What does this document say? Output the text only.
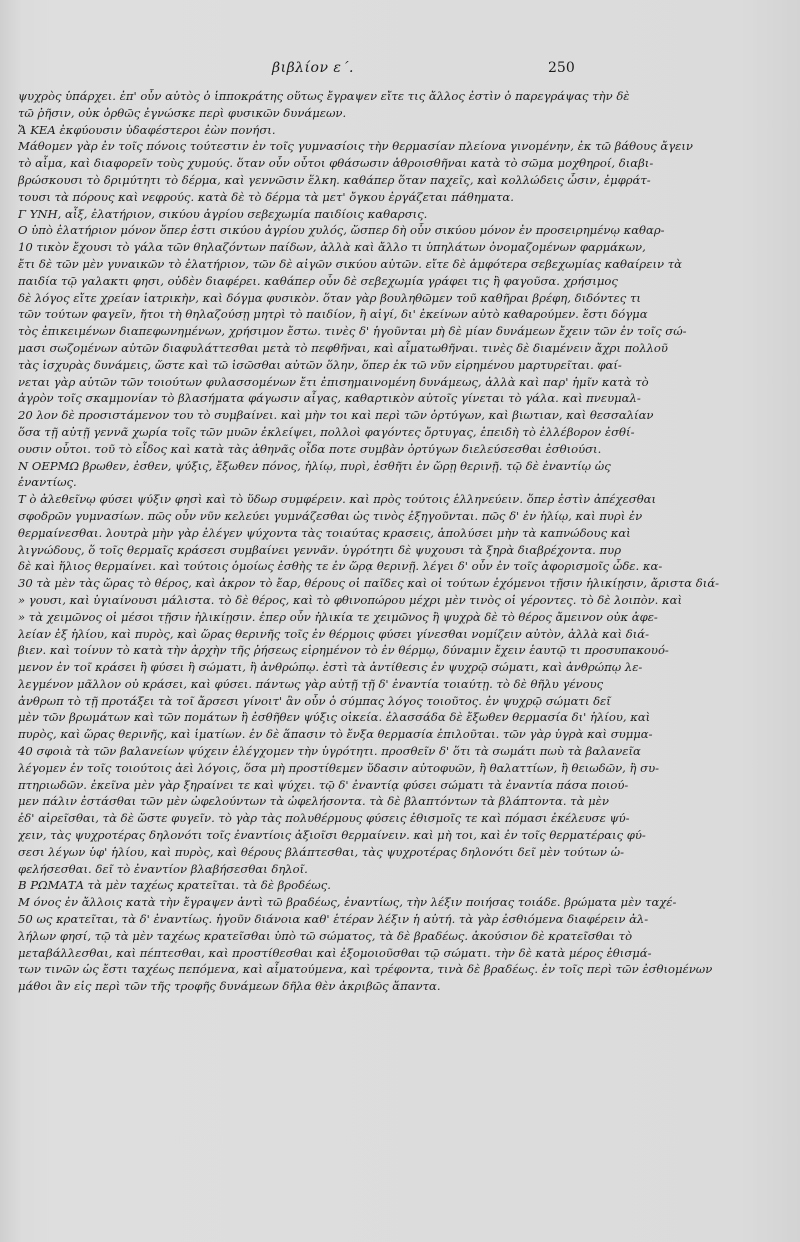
βιβλίον ε΄.	250
ψυχρὸς ὑπάρχει. ἐπ' οὖν αὐτὸς ὁ ἱπποκράτης οὕτως ἔγραψεν εἴτε τις ἄλλος ἐστὶν ὁ παρεγράψας τὴν δὲ
τῶ ῥῆσιν, οὐκ ὀρθῶς ἐγνώσκε περὶ φυσικῶν δυνάμεων.
Ἄ ΚΕΑ ἐκφύουσιν ὑδαφέστεροι ἐὼν πονήσι.
Μάθομεν γὰρ ἐν τοῖς πόνοις τούτεστιν ἐν τοῖς γυμνασίοις τὴν θερμασίαν πλείονα γινομένην, ἐκ τῶ βάθους ἄγειν
τὸ αἷμα, καὶ διαφορεῖν τοὺς χυμούς. ὅταν οὖν οὗτοι φθάσωσιν ἀθροισθῆναι κατὰ τὸ σῶμα μοχθηροί, διαβι-
βρώσκουσι τὸ δριμύτητι τὸ δέρμα, καὶ γεννῶσιν ἕλκη. καθάπερ ὅταν παχεῖς, καὶ κολλώδεις ὦσιν, ἐμφράτ-
τουσι τὰ πόρους καὶ νεφρούς. κατὰ δὲ τὸ δέρμα τὰ μετ' ὄγκου ἐργάζεται πάθηματα.
Γ ΥΝΗ, αἶξ, ἐλατήριον, σικύου ἀγρίου σεβεχωμία παιδίοις καθαρσις.
Ο ὑπὸ ἐλατήριον μόνον ὅπερ ἐστι σικύου ἀγρίου χυλός, ὥσπερ δὴ οὖν σικύου μόνον ἐν προσειρημένῳ καθαρ-
10 τικὸν ἔχουσι τὸ γάλα τῶν θηλαζόντων παίδων, ἀλλὰ καὶ ἄλλο τι ὑπηλάτων ὀνομαζομένων φαρμάκων,
ἔτι δὲ τῶν μὲν γυναικῶν τὸ ἐλατήριον, τῶν δὲ αἰγῶν σικύου αὐτῶν. εἴτε δὲ ἀμφότερα σεβεχωμίας καθαίρειν τὰ
παιδία τῷ γαλακτι φησι, οὐδὲν διαφέρει. καθάπερ οὖν δὲ σεβεχωμία γράφει τις ἢ φαγοῦσα. χρήσιμος
δὲ λόγος εἴτε χρείαν ἰατρικὴν, καὶ δόγμα φυσικὸν. ὅταν γὰρ βουληθῶμεν τοῦ καθῆραι βρέφη, διδόντες τι
τῶν τούτων φαγεῖν, ἤτοι τὴ θηλαζούσῃ μητρὶ τὸ παιδίον, ἢ αἰγί, δι' ἐκείνων αὐτὸ καθαρούμεν. ἔστι δόγμα
τὸς ἐπικειμένων διαπεφωνημένων, χρήσιμον ἔστω. τινὲς δ' ἡγοῦνται μὴ δὲ μίαν δυνάμεων ἔχειν τῶν ἐν τοῖς σώ-
μασι σωζομένων αὐτῶν διαφυλάττεσθαι μετὰ τὸ πεφθῆναι, καὶ αἷματωθῆναι. τινὲς δὲ διαμένειν ἄχρι πολλοῦ
τὰς ἰσχυρὰς δυνάμεις, ὥστε καὶ τῶ ἰσῶσθαι αὐτῶν ὅλην, ὅπερ ἐκ τῶ νῦν εἰρημένου μαρτυρεῖται. φαί-
νεται γὰρ αὐτῶν τῶν τοιούτων φυλασσομένων ἔτι ἐπισημαινομένη δυνάμεως, ἀλλὰ καὶ παρ' ἡμῖν κατὰ τὸ
ἀγρὸν τοῖς σκαμμονίαν τὸ βλασήματα φάγωσιν αἶγας, καθαρτικὸν αὐτοῖς γίνεται τὸ γάλα. καὶ πνευμαλ-
20 λον δὲ προσιστάμενον του τὸ συμβαίνει. καὶ μὴν τοι καὶ περὶ τῶν ὀρτύγων, καὶ βιωτιαν, καὶ θεσσαλίαν
ὅσα τῇ αὐτῇ γεννᾶ χωρία τοῖς τῶν μυῶν ἐκλείψει, πολλοὶ φαγόντες ὄρτυγας, ἐπειδὴ τὸ ἐλλέβορον ἐσθί-
ουσιν οὗτοι. τοῦ τὸ εἶδος καὶ κατὰ τὰς ἀθηνᾶς οἶδα ποτε συμβὰν ὀρτύγων διελεύσεσθαι ἐσθιούσι.
Ν ΟΕΡΜΩ βρωθεν, ἐσθεν, ψύξις, ἔξωθεν πόνος, ἡλίῳ, πυρὶ, ἐσθῆτι ἐν ὥρῃ θερινῇ. τῷ δὲ ἐναντίῳ ὡς
ἐναντίως.
Τ ὸ ἀλεθεῖνῳ φύσει ψύξιν φησὶ καὶ τὸ ὕδωρ συμφέρειν. καὶ πρὸς τούτοις ἑλληνεύειν. ὅπερ ἐστὶν ἀπέχεσθαι
σφοδρῶν γυμνασίων. πῶς οὖν νῦν κελεύει γυμνάζεσθαι ὡς τινὸς ἐξηγοῦνται. πῶς δ' ἐν ἡλίῳ, καὶ πυρὶ ἐν
θερμαίνεσθαι. λουτρὰ μὴν γὰρ ἐλέγεν ψύχοντα τὰς τοιαύτας κρασεις, ἀπολύσει μὴν τὰ καπνώδους καὶ
λιγνώδους, ὅ τοῖς θερμαῖς κράσεσι συμβαίνει γεννᾶν. ὑγρότητι δὲ ψυχουσι τὰ ξηρὰ διαβρέχοντα. πυρ
δὲ καὶ ἥλιος θερμαίνει. καὶ τούτοις ὁμοίως ἐσθὴς τε ἐν ὥρᾳ θερινῇ. λέγει δ' οὖν ἐν τοῖς ἀφορισμοῖς ὧδε. κα-
30 τὰ μὲν τὰς ὥρας τὸ θέρος, καὶ ἀκρον τὸ ἔαρ, θέρους οἱ παῖδες καὶ οἱ τούτων ἐχόμενοι τῇσιν ἡλικίῃσιν, ἄριστα διά-
» γουσι, καὶ ὑγιαίνουσι μάλιστα. τὸ δὲ θέρος, καὶ τὸ φθινοπώρου μέχρι μὲν τινὸς οἱ γέροντες. τὸ δὲ λοιπὸν. καὶ
» τὰ χειμῶνος οἱ μέσοι τῇσιν ἡλικίῃσιν. ἐπερ οὖν ἡλικία τε χειμῶνος ἢ ψυχρὰ δὲ τὸ θέρος ἄμεινον οὐκ ἀφε-
λείαν ἐξ ἡλίου, καὶ πυρὸς, καὶ ὥρας θερινῆς τοῖς ἐν θέρμοις φύσει γίνεσθαι νομίζειν αὐτὸν, ἀλλὰ καὶ διά-
βιεν. καὶ τοίνυν τὸ κατὰ τὴν ἀρχὴν τῆς ῥήσεως εἰρημένον τὸ ἐν θέρμῳ, δύναμιν ἔχειν ἑαυτῷ τι προσυπακουό-
μενον ἐν τοῖ κράσει ἢ φύσει ἢ σώματι, ἢ ἀνθρώπῳ. ἐστὶ τὰ ἀντίθεσις ἐν ψυχρῷ σώματι, καὶ ἀνθρώπῳ λε-
λεγμένον μᾶλλον οὐ κράσει, καὶ φύσει. πάντως γὰρ αὐτῇ τῇ δ' ἐναντία τοιαύτῃ. τὸ δὲ θῆλυ γένους
ἀνθρωπ τὸ τῇ προτάξει τὰ τοῖ ἄρσεσι γίνοιτ' ἂν οὖν ὁ σύμπας λόγος τοιοῦτος. ἐν ψυχρῷ σώματι δεῖ
μὲν τῶν βρωμάτων καὶ τῶν πομάτων ἢ ἐσθῆθεν ψύξις οἰκεία. ἐλασσάδα δὲ ἔξωθεν θερμασία δι' ἡλίου, καὶ
πυρὸς, καὶ ὥρας θερινῆς, καὶ ἱματίων. ἐν δὲ ἅπασιν τὸ ἔνξα θερμασία ἐπιλοῦται. τῶν γὰρ ὑγρὰ καὶ συμμα-
40 σφοιὰ τὰ τῶν βαλανείων ψύχειν ἐλέγχομεν τὴν ὑγρότητι. προσθεῖν δ' ὅτι τὰ σωμάτι πωὺ τὰ βαλανεῖα
λέγομεν ἐν τοῖς τοιούτοις ἀεὶ λόγοις, ὅσα μὴ προστίθεμεν ὕδασιν αὐτοφυῶν, ἢ θαλαττίων, ἢ θειωδῶν, ἢ συ-
πτηριωδῶν. ἐκεῖνα μὲν γὰρ ξηραίνει τε καὶ ψύχει. τῷ δ' ἐναντίᾳ φύσει σώματι τὰ ἐναντία πάσα ποιού-
μεν πάλιν ἐστάσθαι τῶν μὲν ὠφελούντων τὰ ὠφελήσοντα. τὰ δὲ βλαπτόντων τὰ βλάπτοντα. τὰ μὲν
ἐδ' αἱρεῖσθαι, τὰ δὲ ὥστε φυγεῖν. τὸ γὰρ τὰς πολυθέρμους φύσεις ἐθισμοῖς τε καὶ πόμασι ἐκέλευσε ψύ-
χειν, τὰς ψυχροτέρας δηλονότι τοῖς ἐναντίοις ἀξιοῖσι θερμαίνειν. καὶ μὴ τοι, καὶ ἐν τοῖς θερματέραις φύ-
σεσι λέγων ὑφ' ἡλίου, καὶ πυρὸς, καὶ θέρους βλάπτεσθαι, τὰς ψυχροτέρας δηλονότι δεῖ μὲν τούτων ὠ-
φελήσεσθαι. δεῖ τὸ ἐναντίον βλαβήσεσθαι δηλοῖ.
Β ΡΩΜΑΤΑ τὰ μὲν ταχέως κρατεῖται. τὰ δὲ βροδέως.
Μ όνος ἐν ἄλλοις κατὰ τὴν ἔγραψεν ἀντὶ τῶ βραδέως, ἐναντίως, τὴν λέξιν ποιήσας τοιάδε. βρώματα μὲν ταχέ-
50 ως κρατεῖται, τὰ δ' ἐναντίως. ἡγοῦν διάνοια καθ' ἑτέραν λέξιν ἡ αὐτή. τὰ γὰρ ἐσθιόμενα διαφέρειν ἀλ-
λήλων φησί, τῷ τὰ μὲν ταχέως κρατεῖσθαι ὑπὸ τῶ σώματος, τὰ δὲ βραδέως. ἀκούσιον δὲ κρατεῖσθαι τὸ
μεταβάλλεσθαι, καὶ πέπτεσθαι, καὶ προστίθεσθαι καὶ ἐξομοιοῦσθαι τῷ σώματι. τὴν δὲ κατὰ μέρος ἐθισμά-
των τινῶν ὡς ἔστι ταχέως πεπόμενα, καὶ αἷματούμενα, καὶ τρέφοντα, τινὰ δὲ βραδέως. ἐν τοῖς περὶ τῶν ἐσθιομένων
μάθοι ἂν εἰς περὶ τῶν τῆς τροφῆς δυνάμεων δῆλα θὲν ἀκριβῶς ἅπαντα.
